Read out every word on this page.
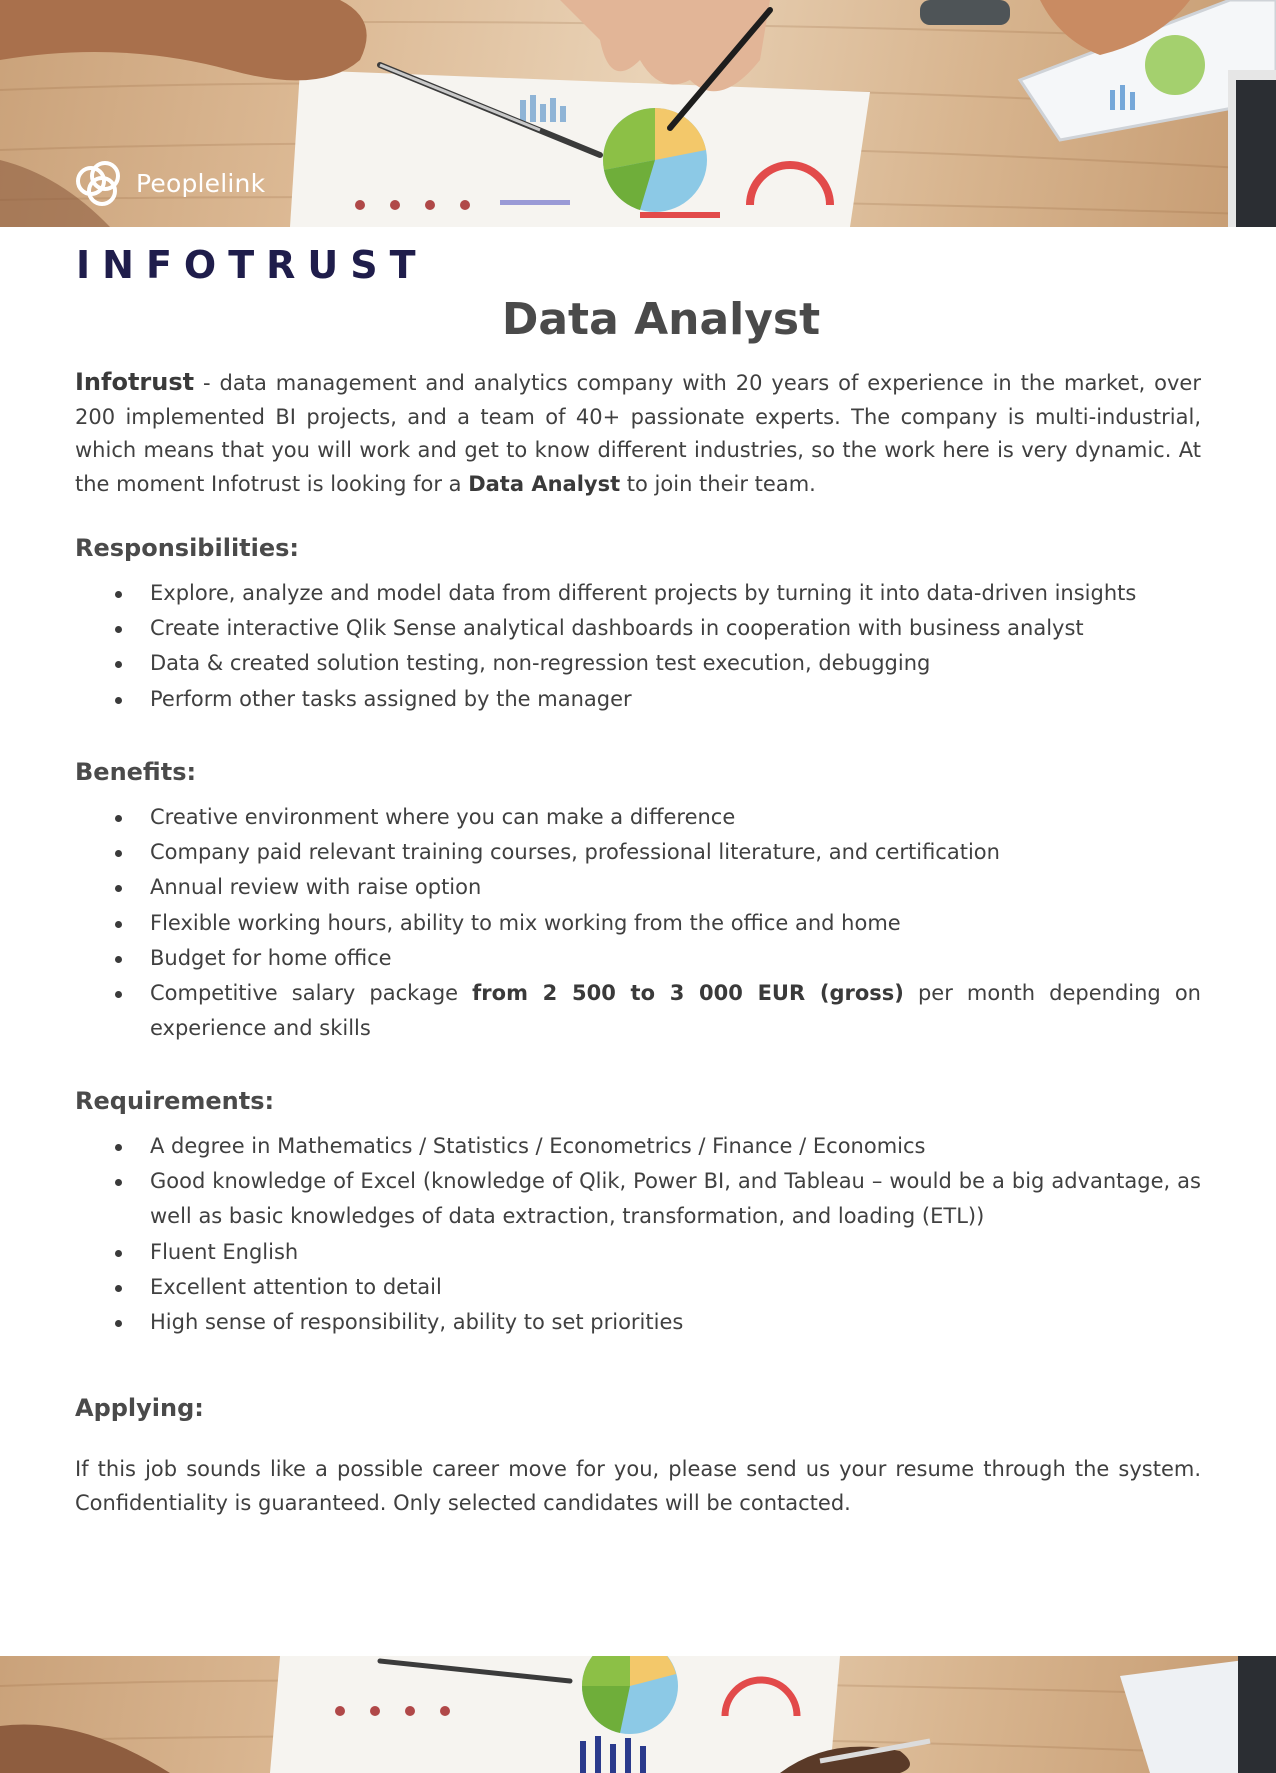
Peoplelink
INFOTRUST
Data Analyst

Infotrust - data management and analytics company with 20 years of experience in the market, over 200 implemented BI projects, and a team of 40+ passionate experts. The company is multi-industrial, which means that you will work and get to know different industries, so the work here is very dynamic. At the moment Infotrust is looking for a Data Analyst to join their team.

Responsibilities:
Explore, analyze and model data from different projects by turning it into data-driven insights
Create interactive Qlik Sense analytical dashboards in cooperation with business analyst
Data & created solution testing, non-regression test execution, debugging
Perform other tasks assigned by the manager
Benefits:
Creative environment where you can make a difference
Company paid relevant training courses, professional literature, and certification
Annual review with raise option
Flexible working hours, ability to mix working from the office and home
Budget for home office
Competitive salary package from 2 500 to 3 000 EUR (gross) per month depending on experience and skills
Requirements:
A degree in Mathematics / Statistics / Econometrics / Finance / Economics
Good knowledge of Excel (knowledge of Qlik, Power BI, and Tableau – would be a big advantage, as well as basic knowledges of data extraction, transformation, and loading (ETL))
Fluent English
Excellent attention to detail
High sense of responsibility, ability to set priorities
Applying:

If this job sounds like a possible career move for you, please send us your resume through the system. Confidentiality is guaranteed. Only selected candidates will be contacted.
